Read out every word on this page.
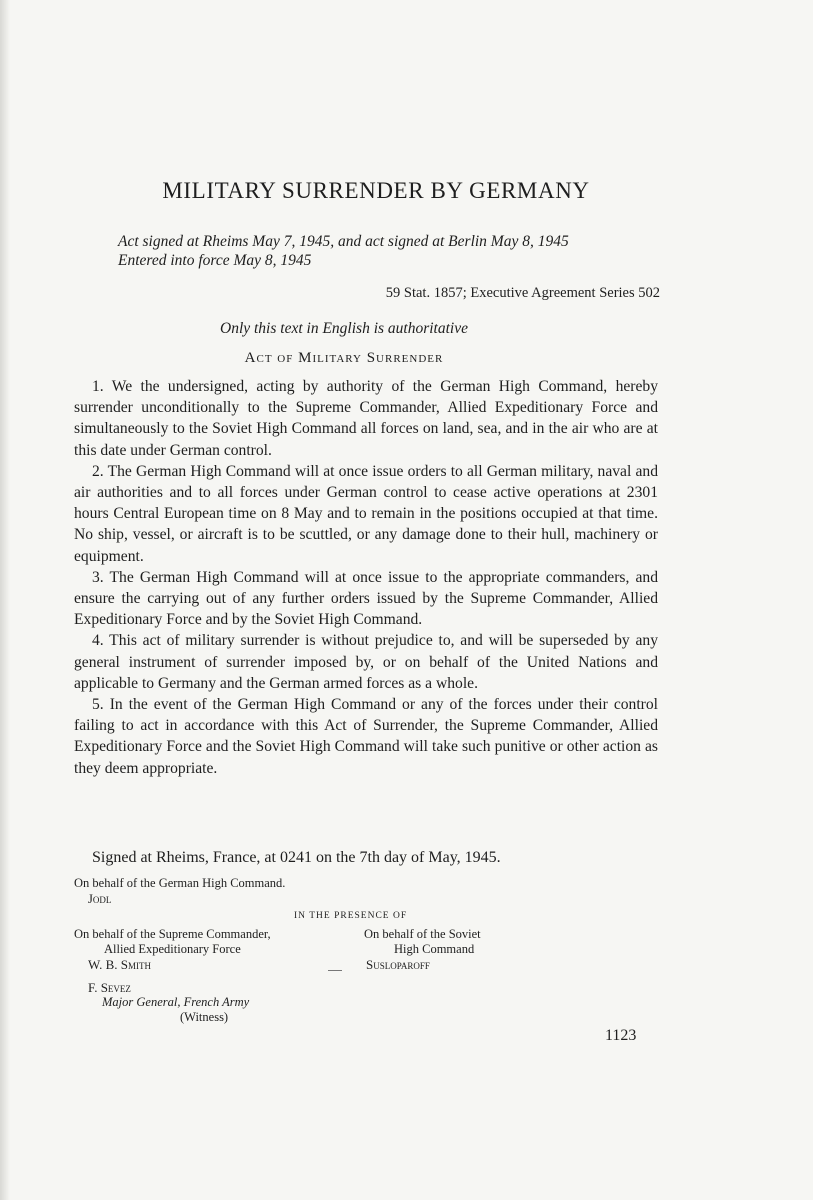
MILITARY SURRENDER BY GERMANY
Act signed at Rheims May 7, 1945, and act signed at Berlin May 8, 1945
Entered into force May 8, 1945
59 Stat. 1857; Executive Agreement Series 502
Only this text in English is authoritative
Act of Military Surrender

1. We the undersigned, acting by authority of the German High Command, hereby surrender unconditionally to the Supreme Commander, Allied Expeditionary Force and simultaneously to the Soviet High Command all forces on land, sea, and in the air who are at this date under German control.

2. The German High Command will at once issue orders to all German military, naval and air authorities and to all forces under German control to cease active operations at 2301 hours Central European time on 8 May and to remain in the positions occupied at that time. No ship, vessel, or aircraft is to be scuttled, or any damage done to their hull, machinery or equipment.

3. The German High Command will at once issue to the appropriate commanders, and ensure the carrying out of any further orders issued by the Supreme Commander, Allied Expeditionary Force and by the Soviet High Command.

4. This act of military surrender is without prejudice to, and will be superseded by any general instrument of surrender imposed by, or on behalf of the United Nations and applicable to Germany and the German armed forces as a whole.

5. In the event of the German High Command or any of the forces under their control failing to act in accordance with this Act of Surrender, the Supreme Commander, Allied Expeditionary Force and the Soviet High Command will take such punitive or other action as they deem appropriate.

Signed at Rheims, France, at 0241 on the 7th day of May, 1945.
On behalf of the German High Command.
Jodl
IN THE PRESENCE OF
On behalf of the Supreme Commander,
Allied Expeditionary Force
W. B. Smith
On behalf of the Soviet
High Command
Susloparoff
F. Sevez
Major General, French Army
(Witness)
1123
